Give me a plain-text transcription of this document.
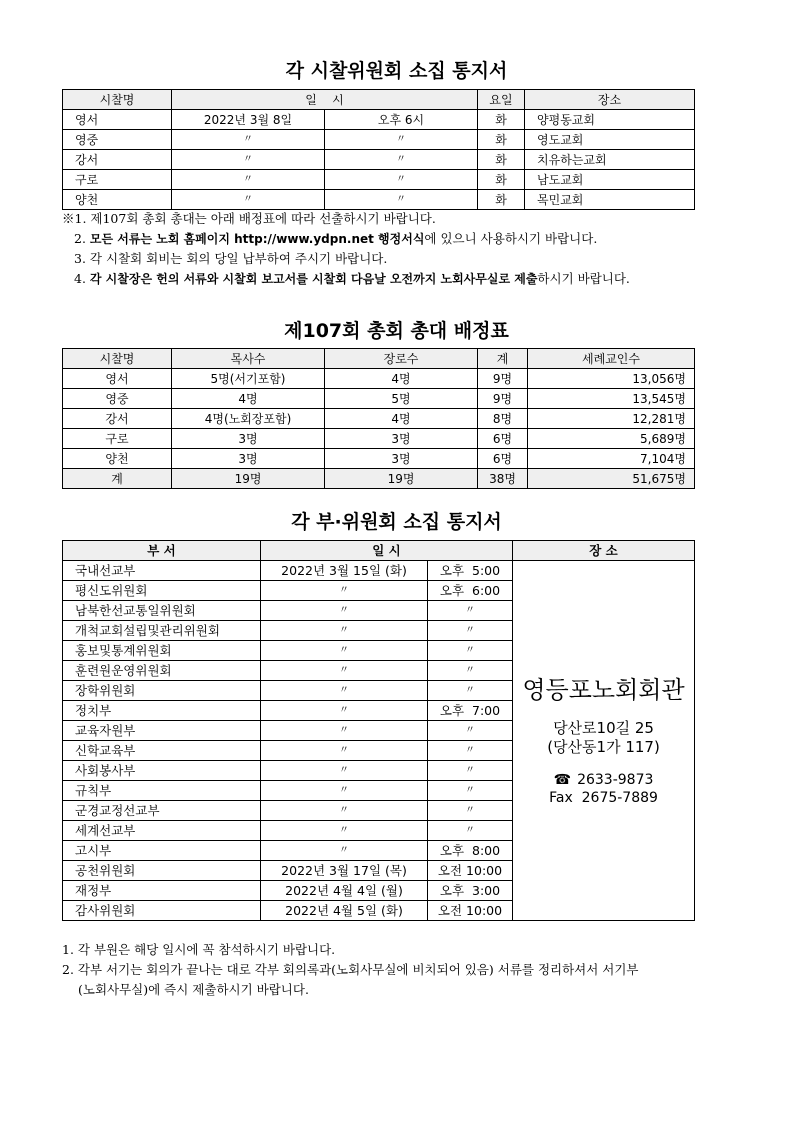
각 시찰위원회 소집 통지서
시찰명	일    시		요일	장소
영서	2022년 3월 8일	오후 6시	화	양평동교회
영중	〃	〃	화	영도교회
강서	〃	〃	화	치유하는교회
구로	〃	〃	화	남도교회
양천	〃	〃	화	목민교회
※1. 제107회 총회 총대는 아래 배정표에 따라 선출하시기 바랍니다.
2. 모든 서류는 노회 홈페이지 http://www.ydpn.net 행정서식에 있으니 사용하시기 바랍니다.
3. 각 시찰회 회비는 회의 당일 납부하여 주시기 바랍니다.
4. 각 시찰장은 헌의 서류와 시찰회 보고서를 시찰회 다음날 오전까지 노회사무실로 제출하시기 바랍니다.
제107회 총회 총대 배정표
시찰명	목사수	장로수	계	세례교인수
영서	5명(서기포함)	4명	9명	13,056명
영중	4명	5명	9명	13,545명
강서	4명(노회장포함)	4명	8명	12,281명
구로	3명	3명	6명	5,689명
양천	3명	3명	6명	7,104명
계	19명	19명	38명	51,675명
각 부·위원회 소집 통지서
부 서	일 시		장 소
국내선교부	2022년 3월 15일 (화)	오후  5:00	영등포노회회관
당산로10길 25
(당산동1가 117)
☎ 2633-9873
Fax  2675-7889

평신도위원회	〃	오후  6:00	
남북한선교통일위원회	〃	〃	
개척교회설립및관리위원회	〃	〃	
홍보및통계위원회	〃	〃	
훈련원운영위원회	〃	〃	
장학위원회	〃	〃	
정치부	〃	오후  7:00	
교육자원부	〃	〃	
신학교육부	〃	〃	
사회봉사부	〃	〃	
규칙부	〃	〃	
군경교정선교부	〃	〃	
세계선교부	〃	〃	
고시부	〃	오후  8:00	
공천위원회	2022년 3월 17일 (목)	오전 10:00	
재정부	2022년 4월 4일 (월)	오후  3:00	
감사위원회	2022년 4월 5일 (화)	오전 10:00	
1. 각 부원은 해당 일시에 꼭 참석하시기 바랍니다.
2. 각부 서기는 회의가 끝나는 대로 각부 회의록과(노회사무실에 비치되어 있음) 서류를 정리하셔서 서기부
(노회사무실)에 즉시 제출하시기 바랍니다.
